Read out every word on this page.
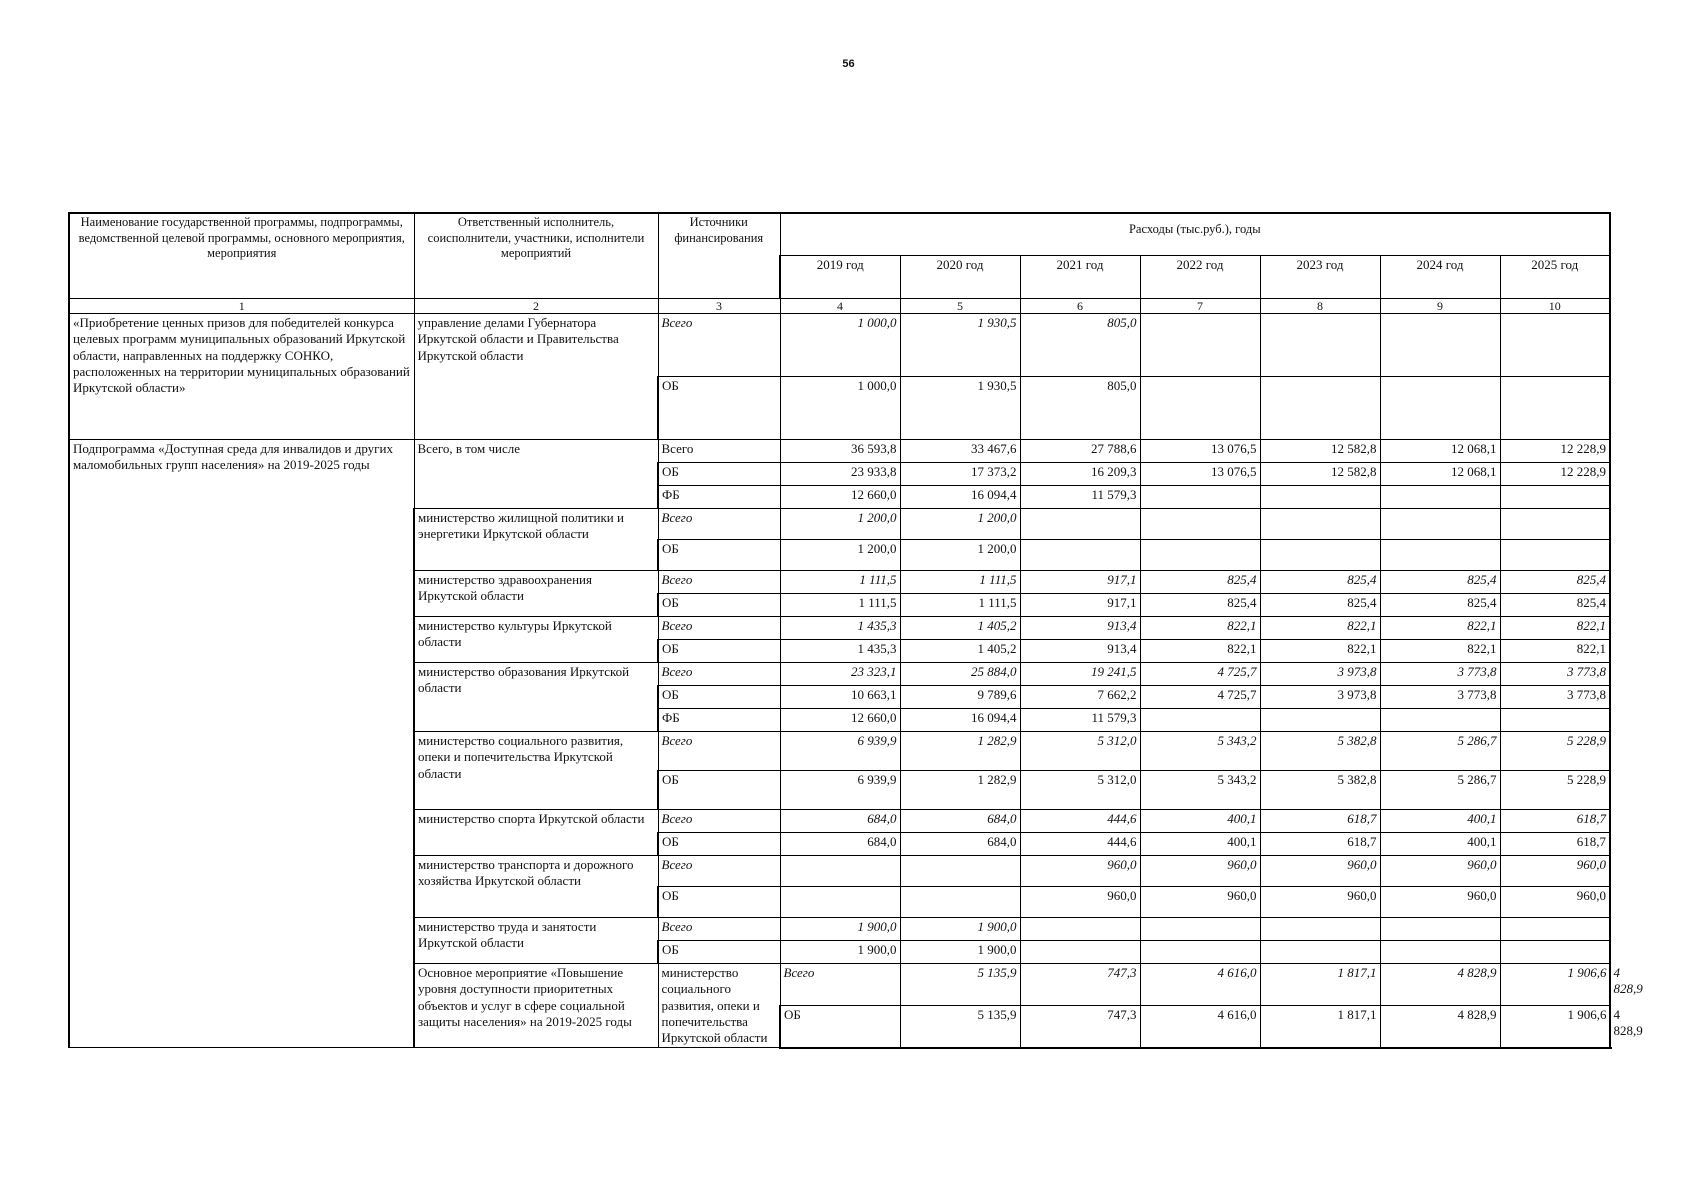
56
Наименование государственной программы, подпрограммы, ведомственной целевой программы, основного мероприятия, мероприятия	Ответственный исполнитель, соисполнители, участники, исполнители мероприятий	Источники финансирования	Расходы (тыс.руб.), годы							
			2019 год	2020 год	2021 год	2022 год	2023 год	2024 год	2025 год	
1	2	3	4	5	6	7	8	9	10	
«Приобретение ценных призов для победителей конкурса целевых программ муниципальных образований Иркутской области, направленных на поддержку СОНКО, расположенных на территории муниципальных образований Иркутской области»	управление делами Губернатора Иркутской области и Правительства Иркутской области	Всего	1 000,0	1 930,5	805,0					
		ОБ	1 000,0	1 930,5	805,0					
Подпрограмма «Доступная среда для инвалидов и других маломобильных групп населения» на 2019-2025 годы	Всего, в том числе	Всего	36 593,8	33 467,6	27 788,6	13 076,5	12 582,8	12 068,1	12 228,9	
		ОБ	23 933,8	17 373,2	16 209,3	13 076,5	12 582,8	12 068,1	12 228,9	
		ФБ	12 660,0	16 094,4	11 579,3					
	министерство жилищной политики и энергетики Иркутской области	Всего	1 200,0	1 200,0						
		ОБ	1 200,0	1 200,0						
	министерство здравоохранения Иркутской области	Всего	1 111,5	1 111,5	917,1	825,4	825,4	825,4	825,4	
		ОБ	1 111,5	1 111,5	917,1	825,4	825,4	825,4	825,4	
	министерство культуры Иркутской области	Всего	1 435,3	1 405,2	913,4	822,1	822,1	822,1	822,1	
		ОБ	1 435,3	1 405,2	913,4	822,1	822,1	822,1	822,1	
	министерство образования Иркутской области	Всего	23 323,1	25 884,0	19 241,5	4 725,7	3 973,8	3 773,8	3 773,8	
		ОБ	10 663,1	9 789,6	7 662,2	4 725,7	3 973,8	3 773,8	3 773,8	
		ФБ	12 660,0	16 094,4	11 579,3					
	министерство социального развития, опеки и попечительства Иркутской области	Всего	6 939,9	1 282,9	5 312,0	5 343,2	5 382,8	5 286,7	5 228,9	
		ОБ	6 939,9	1 282,9	5 312,0	5 343,2	5 382,8	5 286,7	5 228,9	
	министерство спорта Иркутской области	Всего	684,0	684,0	444,6	400,1	618,7	400,1	618,7	
		ОБ	684,0	684,0	444,6	400,1	618,7	400,1	618,7	
	министерство транспорта и дорожного хозяйства Иркутской области	Всего			960,0	960,0	960,0	960,0	960,0	
		ОБ			960,0	960,0	960,0	960,0	960,0	
	министерство труда и занятости Иркутской области	Всего	1 900,0	1 900,0						
		ОБ	1 900,0	1 900,0						
	Основное мероприятие «Повышение уровня доступности приоритетных объектов и услуг в сфере социальной защиты населения» на 2019-2025 годы	министерство социального развития, опеки и попечительства Иркутской области	Всего	5 135,9	747,3	4 616,0	1 817,1	4 828,9	1 906,6	4 828,9
			ОБ	5 135,9	747,3	4 616,0	1 817,1	4 828,9	1 906,6	4 828,9
